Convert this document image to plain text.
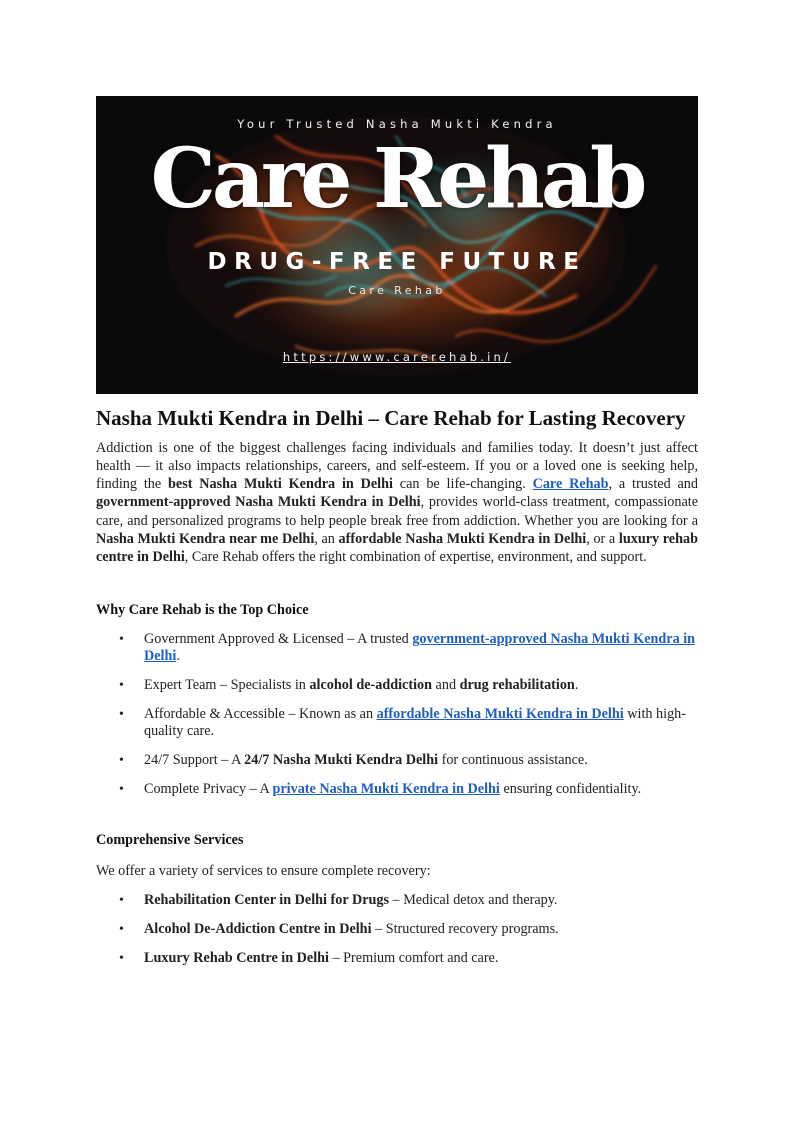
Your Trusted Nasha Mukti Kendra
Care Rehab
DRUG-FREE FUTURE
Care Rehab
https://www.carerehab.in/
Nasha Mukti Kendra in Delhi – Care Rehab for Lasting Recovery

Addiction is one of the biggest challenges facing individuals and families today. It doesn’t just affect health — it also impacts relationships, careers, and self-esteem. If you or a loved one is seeking help, finding the best Nasha Mukti Kendra in Delhi can be life-changing. Care Rehab, a trusted and government-approved Nasha Mukti Kendra in Delhi, provides world-class treatment, compassionate care, and personalized programs to help people break free from addiction. Whether you are looking for a Nasha Mukti Kendra near me Delhi, an affordable Nasha Mukti Kendra in Delhi, or a luxury rehab centre in Delhi, Care Rehab offers the right combination of expertise, environment, and support.

Why Care Rehab is the Top Choice
• Government Approved & Licensed – A trusted government-approved Nasha Mukti Kendra in Delhi.
• Expert Team – Specialists in alcohol de-addiction and drug rehabilitation.
• Affordable & Accessible – Known as an affordable Nasha Mukti Kendra in Delhi with high-quality care.
• 24/7 Support – A 24/7 Nasha Mukti Kendra Delhi for continuous assistance.
• Complete Privacy – A private Nasha Mukti Kendra in Delhi ensuring confidentiality.
Comprehensive Services

We offer a variety of services to ensure complete recovery:

• Rehabilitation Center in Delhi for Drugs – Medical detox and therapy.
• Alcohol De-Addiction Centre in Delhi – Structured recovery programs.
• Luxury Rehab Centre in Delhi – Premium comfort and care.
